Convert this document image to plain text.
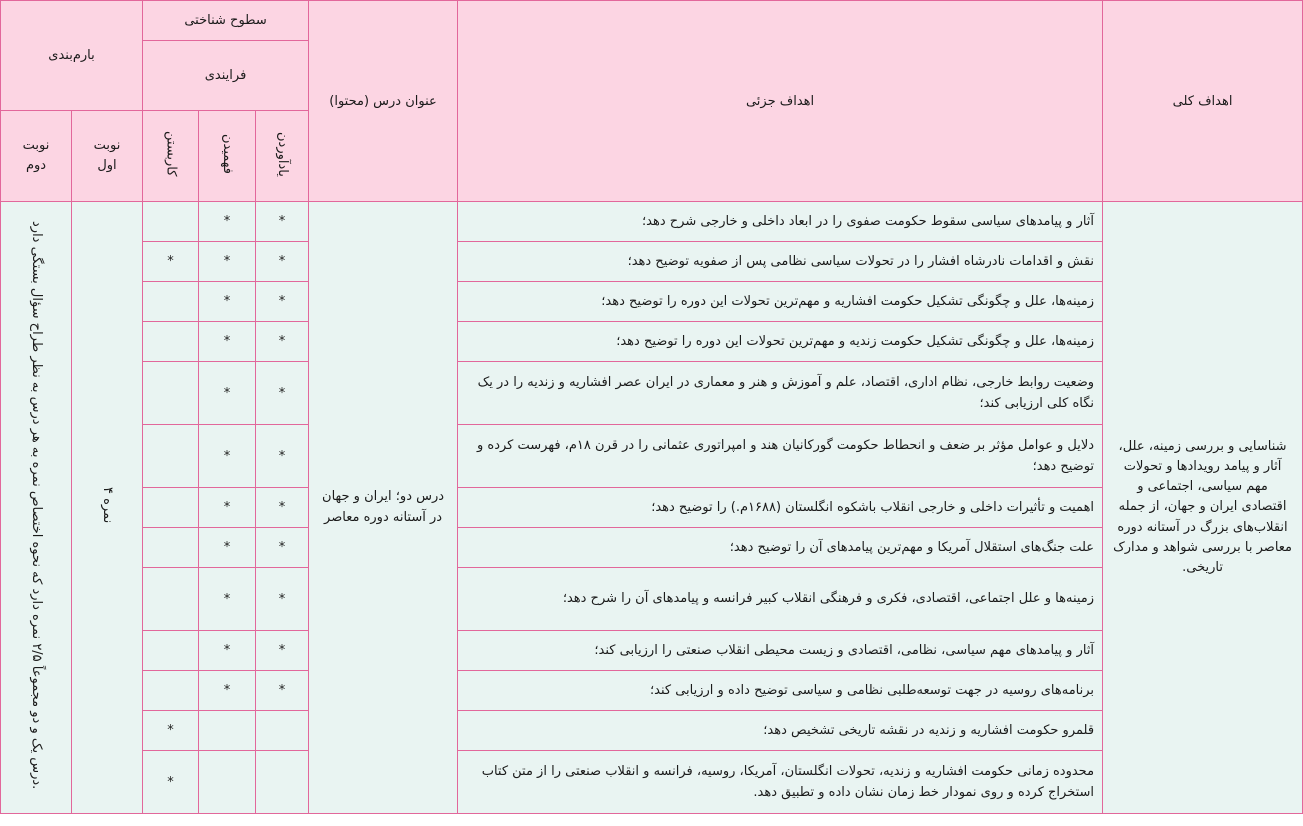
بارم‌بندی		سطوح شناختی			عنوان درس (محتوا)	اهداف جزئی	اهداف کلی
		فرایندی					

نوبت دوم	نوبت اول	کاربستن	فهمیدن	یادآوردن			
درس یک و دو مجموعاً ۲/۵ نمره دارد که نحوه اختصاص نمره به هر درس به نظر طراح سؤال بستگی دارد.	۴ نمره		*	*	درس دو؛ ایران و جهان در آستانه دوره معاصر	آثار و پیامدهای سیاسی سقوط حکومت صفوی را در ابعاد داخلی و خارجی شرح دهد؛	شناسایی و بررسی زمینه، علل، آثار و پیامد رویدادها و تحولات مهم سیاسی، اجتماعی و اقتصادی ایران و جهان، از جمله انقلاب‌های بزرگ در آستانه دوره معاصر با بررسی شواهد و مدارک تاریخی.

		*	*	*		نقش و اقدامات نادرشاه افشار را در تحولات سیاسی نظامی پس از صفویه توضیح دهد؛	
			*	*		زمینه‌ها، علل و چگونگی تشکیل حکومت افشاریه و مهم‌ترین تحولات این دوره را توضیح دهد؛	
			*	*		زمینه‌ها، علل و چگونگی تشکیل حکومت زندیه و مهم‌ترین تحولات این دوره را توضیح دهد؛	
			*	*		وضعیت روابط خارجی، نظام اداری، اقتصاد، علم و آموزش و هنر و معماری در ایران عصر افشاریه و زندیه را در یک نگاه کلی ارزیابی کند؛	
			*	*		دلایل و عوامل مؤثر بر ضعف و انحطاط حکومت گورکانیان هند و امپراتوری عثمانی را در قرن ۱۸م، فهرست کرده و توضیح دهد؛	
			*	*		اهمیت و تأثیرات داخلی و خارجی انقلاب باشکوه انگلستان (۱۶۸۸م.) را توضیح دهد؛	
			*	*		علت جنگ‌های استقلال آمریکا و مهم‌ترین پیامدهای آن را توضیح دهد؛	
			*	*		زمینه‌ها و علل اجتماعی، اقتصادی، فکری و فرهنگی انقلاب کبیر فرانسه و پیامدهای آن را شرح دهد؛	
			*	*		آثار و پیامدهای مهم سیاسی، نظامی، اقتصادی و زیست محیطی انقلاب صنعتی را ارزیابی کند؛	
			*	*		برنامه‌های روسیه در جهت توسعه‌طلبی نظامی و سیاسی توضیح داده و ارزیابی کند؛	
		*				قلمرو حکومت افشاریه و زندیه در نقشه تاریخی تشخیص دهد؛	
		*				محدوده زمانی حکومت افشاریه و زندیه، تحولات انگلستان، آمریکا، روسیه، فرانسه و انقلاب صنعتی را از متن کتاب استخراج کرده و روی نمودار خط زمان نشان داده و تطبیق دهد.	
